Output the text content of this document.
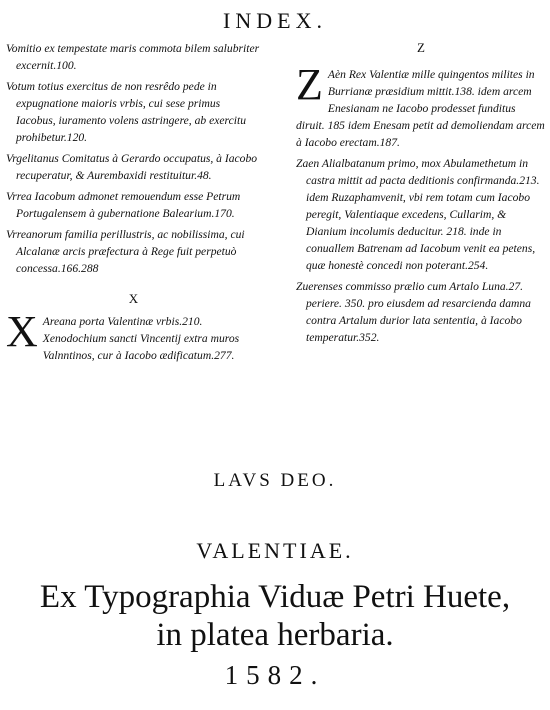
INDEX.

Vomitio ex tempestate maris commota bilem salubriter excernit.100.

Votum totius exercitus de non resrêdo pede in expugnatione maioris vrbis, cui sese primus Iacobus, iuramento volens astringere, ab exercitu prohibetur.120.

Vrgelitanus Comitatus à Gerardo occupatus, à Iacobo recuperatur, & Aurembaxidi restituitur.48.

Vrrea Iacobum admonet remouendum esse Petrum Portugalensem à gubernatione Balearium.170.

Vrreanorum familia perillustris, ac nobilissima, cui Alcalanæ arcis præfectura à Rege fuit perpetuò concessa.166.288

X

X Areana porta Valentinæ vrbis.210. Xenodochium sancti Vincentij extra muros Valnntinos, cur à Iacobo ædificatum.277.

Z

Z Aèn Rex Valentiæ mille quingentos milites in Burrianæ præsidium mittit.138. idem arcem Enesianam ne Iacobo prodesset funditus diruit. 185 idem Enesam petit ad demoliendam arcem à Iacobo erectam.187.

Zaen Alialbatanum primo, mox Abulamethetum in castra mittit ad pacta deditionis confirmanda.213. idem Ruzaphamvenit, vbi rem totam cum Iacobo peregit, Valentiaque excedens, Cullarim, & Dianium incolumis deducitur. 218. inde in conuallem Batrenam ad Iacobum venit ea petens, quæ honestè concedi non poterant.254.

Zuerenses commisso prælio cum Artalo Luna.27. periere. 350. pro eiusdem ad resarcienda damna contra Artalum durior lata sententia, à Iacobo temperatur.352.

LAVS DEO.
VALENTIAE.
Ex Typographia Viduæ Petri Huete,
in platea herbaria.
1582.
